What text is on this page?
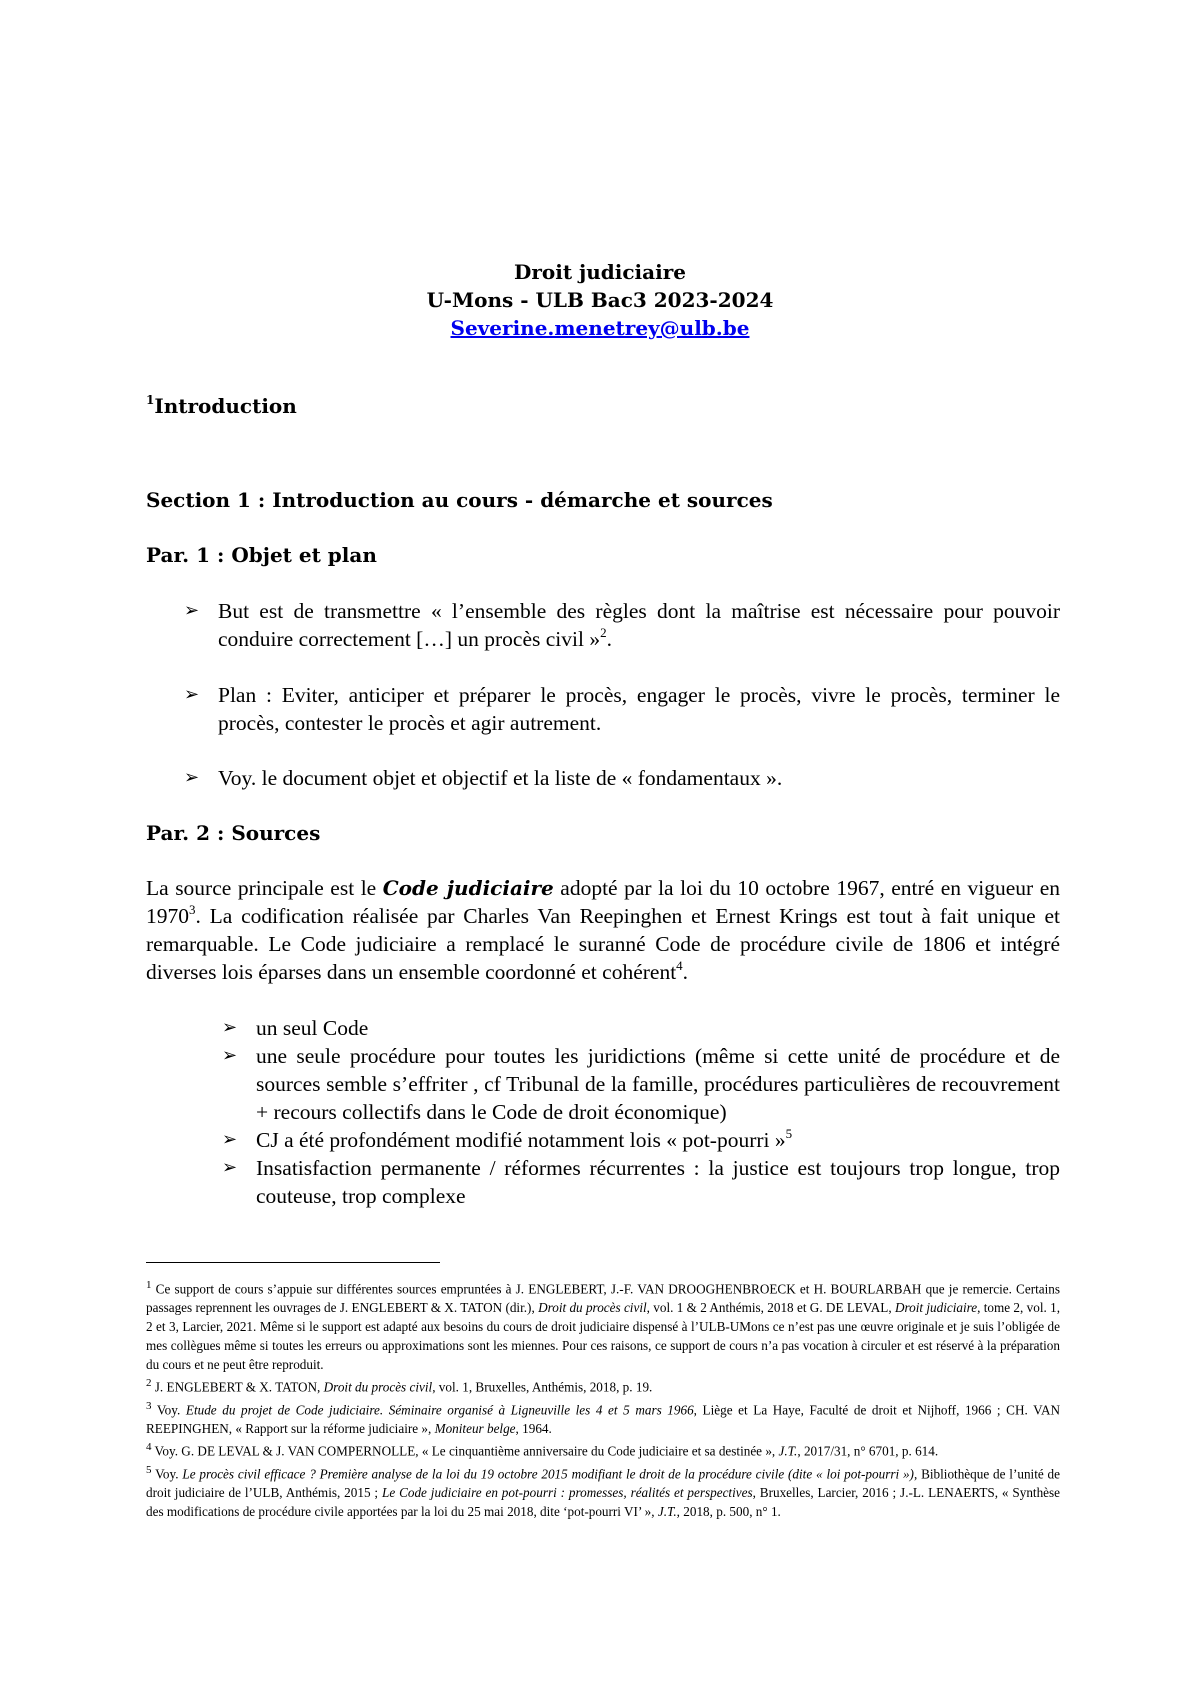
Droit judiciaire
U-Mons - ULB Bac3 2023-2024
Severine.menetrey@ulb.be
$^1$Introduction
Section 1 : Introduction au cours - démarche et sources
Par. 1 : Objet et plan
➢ But est de transmettre « l’ensemble des règles dont la maîtrise est nécessaire pour pouvoir conduire correctement […] un procès civil »$^2$.
➢ Plan : Eviter, anticiper et préparer le procès, engager le procès, vivre le procès, terminer le procès, contester le procès et agir autrement.
➢ Voy. le document objet et objectif et la liste de « fondamentaux ».
Par. 2 : Sources
La source principale est le Code judiciaire adopté par la loi du 10 octobre 1967, entré en vigueur en 1970$^3$. La codification réalisée par Charles Van Reepinghen et Ernest Krings est tout à fait unique et remarquable. Le Code judiciaire a remplacé le suranné Code de procédure civile de 1806 et intégré diverses lois éparses dans un ensemble coordonné et cohérent$^4$.
➢ un seul Code
➢ une seule procédure pour toutes les juridictions (même si cette unité de procédure et de sources semble s’effriter , cf Tribunal de la famille, procédures particulières de recouvrement + recours collectifs dans le Code de droit économique)
➢ CJ a été profondément modifié notamment lois « pot-pourri »$^5$
➢ Insatisfaction permanente / réformes récurrentes : la justice est toujours trop longue, trop couteuse, trop complexe
$^1$ Ce support de cours s’appuie sur différentes sources empruntées à J. ENGLEBERT, J.-F. VAN DROOGHENBROECK et H. BOURLARBAH que je remercie. Certains passages reprennent les ouvrages de J. ENGLEBERT & X. TATON (dir.), Droit du procès civil, vol. 1 & 2 Anthémis, 2018 et G. DE LEVAL, Droit judiciaire, tome 2, vol. 1, 2 et 3, Larcier, 2021. Même si le support est adapté aux besoins du cours de droit judiciaire dispensé à l’ULB-UMons ce n’est pas une œuvre originale et je suis l’obligée de mes collègues même si toutes les erreurs ou approximations sont les miennes. Pour ces raisons, ce support de cours n’a pas vocation à circuler et est réservé à la préparation du cours et ne peut être reproduit.
$^2$ J. ENGLEBERT & X. TATON, Droit du procès civil, vol. 1, Bruxelles, Anthémis, 2018, p. 19.
$^3$ Voy. Etude du projet de Code judiciaire. Séminaire organisé à Ligneuville les 4 et 5 mars 1966, Liège et La Haye, Faculté de droit et Nijhoff, 1966 ; CH. VAN REEPINGHEN, « Rapport sur la réforme judiciaire », Moniteur belge, 1964.
$^4$ Voy. G. DE LEVAL & J. VAN COMPERNOLLE, « Le cinquantième anniversaire du Code judiciaire et sa destinée », J.T., 2017/31, n° 6701, p. 614.
$^5$ Voy. Le procès civil efficace ? Première analyse de la loi du 19 octobre 2015 modifiant le droit de la procédure civile (dite « loi pot-pourri »), Bibliothèque de l’unité de droit judiciaire de l’ULB, Anthémis, 2015 ; Le Code judiciaire en pot-pourri : promesses, réalités et perspectives, Bruxelles, Larcier, 2016 ; J.-L. LENAERTS, « Synthèse des modifications de procédure civile apportées par la loi du 25 mai 2018, dite ‘pot-pourri VI’ », J.T., 2018, p. 500, n° 1.
